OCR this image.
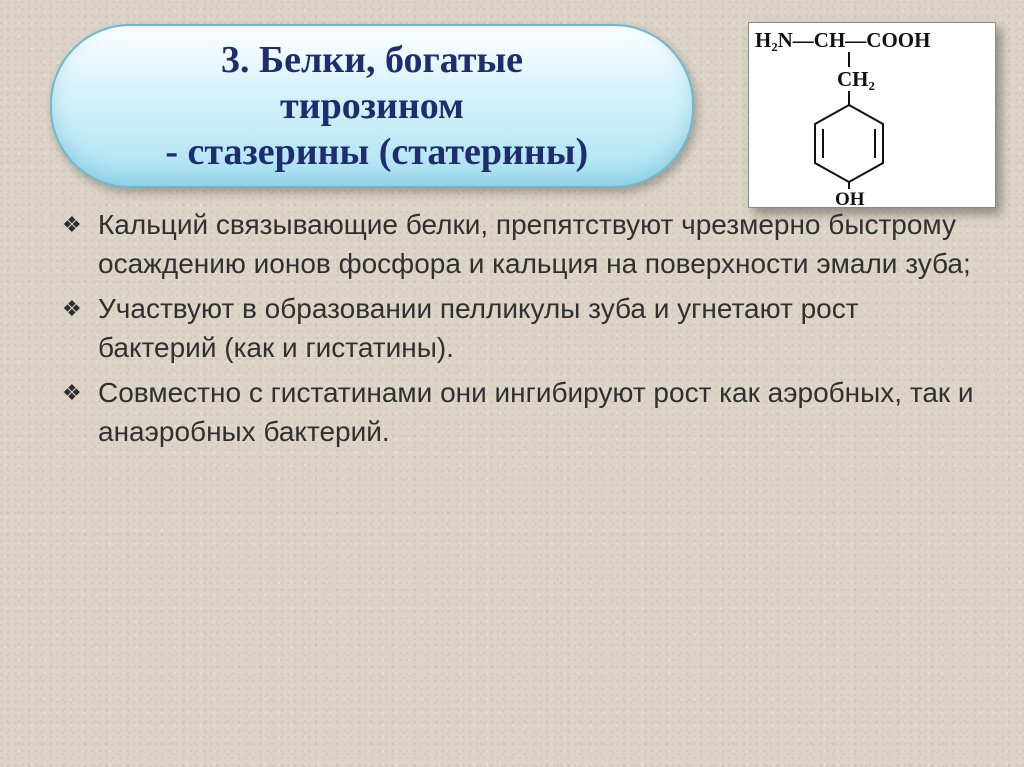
3. Белки, богатые
тирозином
- стазерины (статерины)
H₂N—CH—COOH
CH₂
OH
❖ Кальций связывающие белки, препятствуют чрезмерно быстрому осаждению ионов фосфора и кальция на поверхности эмали зуба;

❖ Участвуют в образовании пелликулы зуба и угнетают рост бактерий (как и гистатины).

❖ Совместно с гистатинами они ингибируют рост как аэробных, так и анаэробных бактерий.
